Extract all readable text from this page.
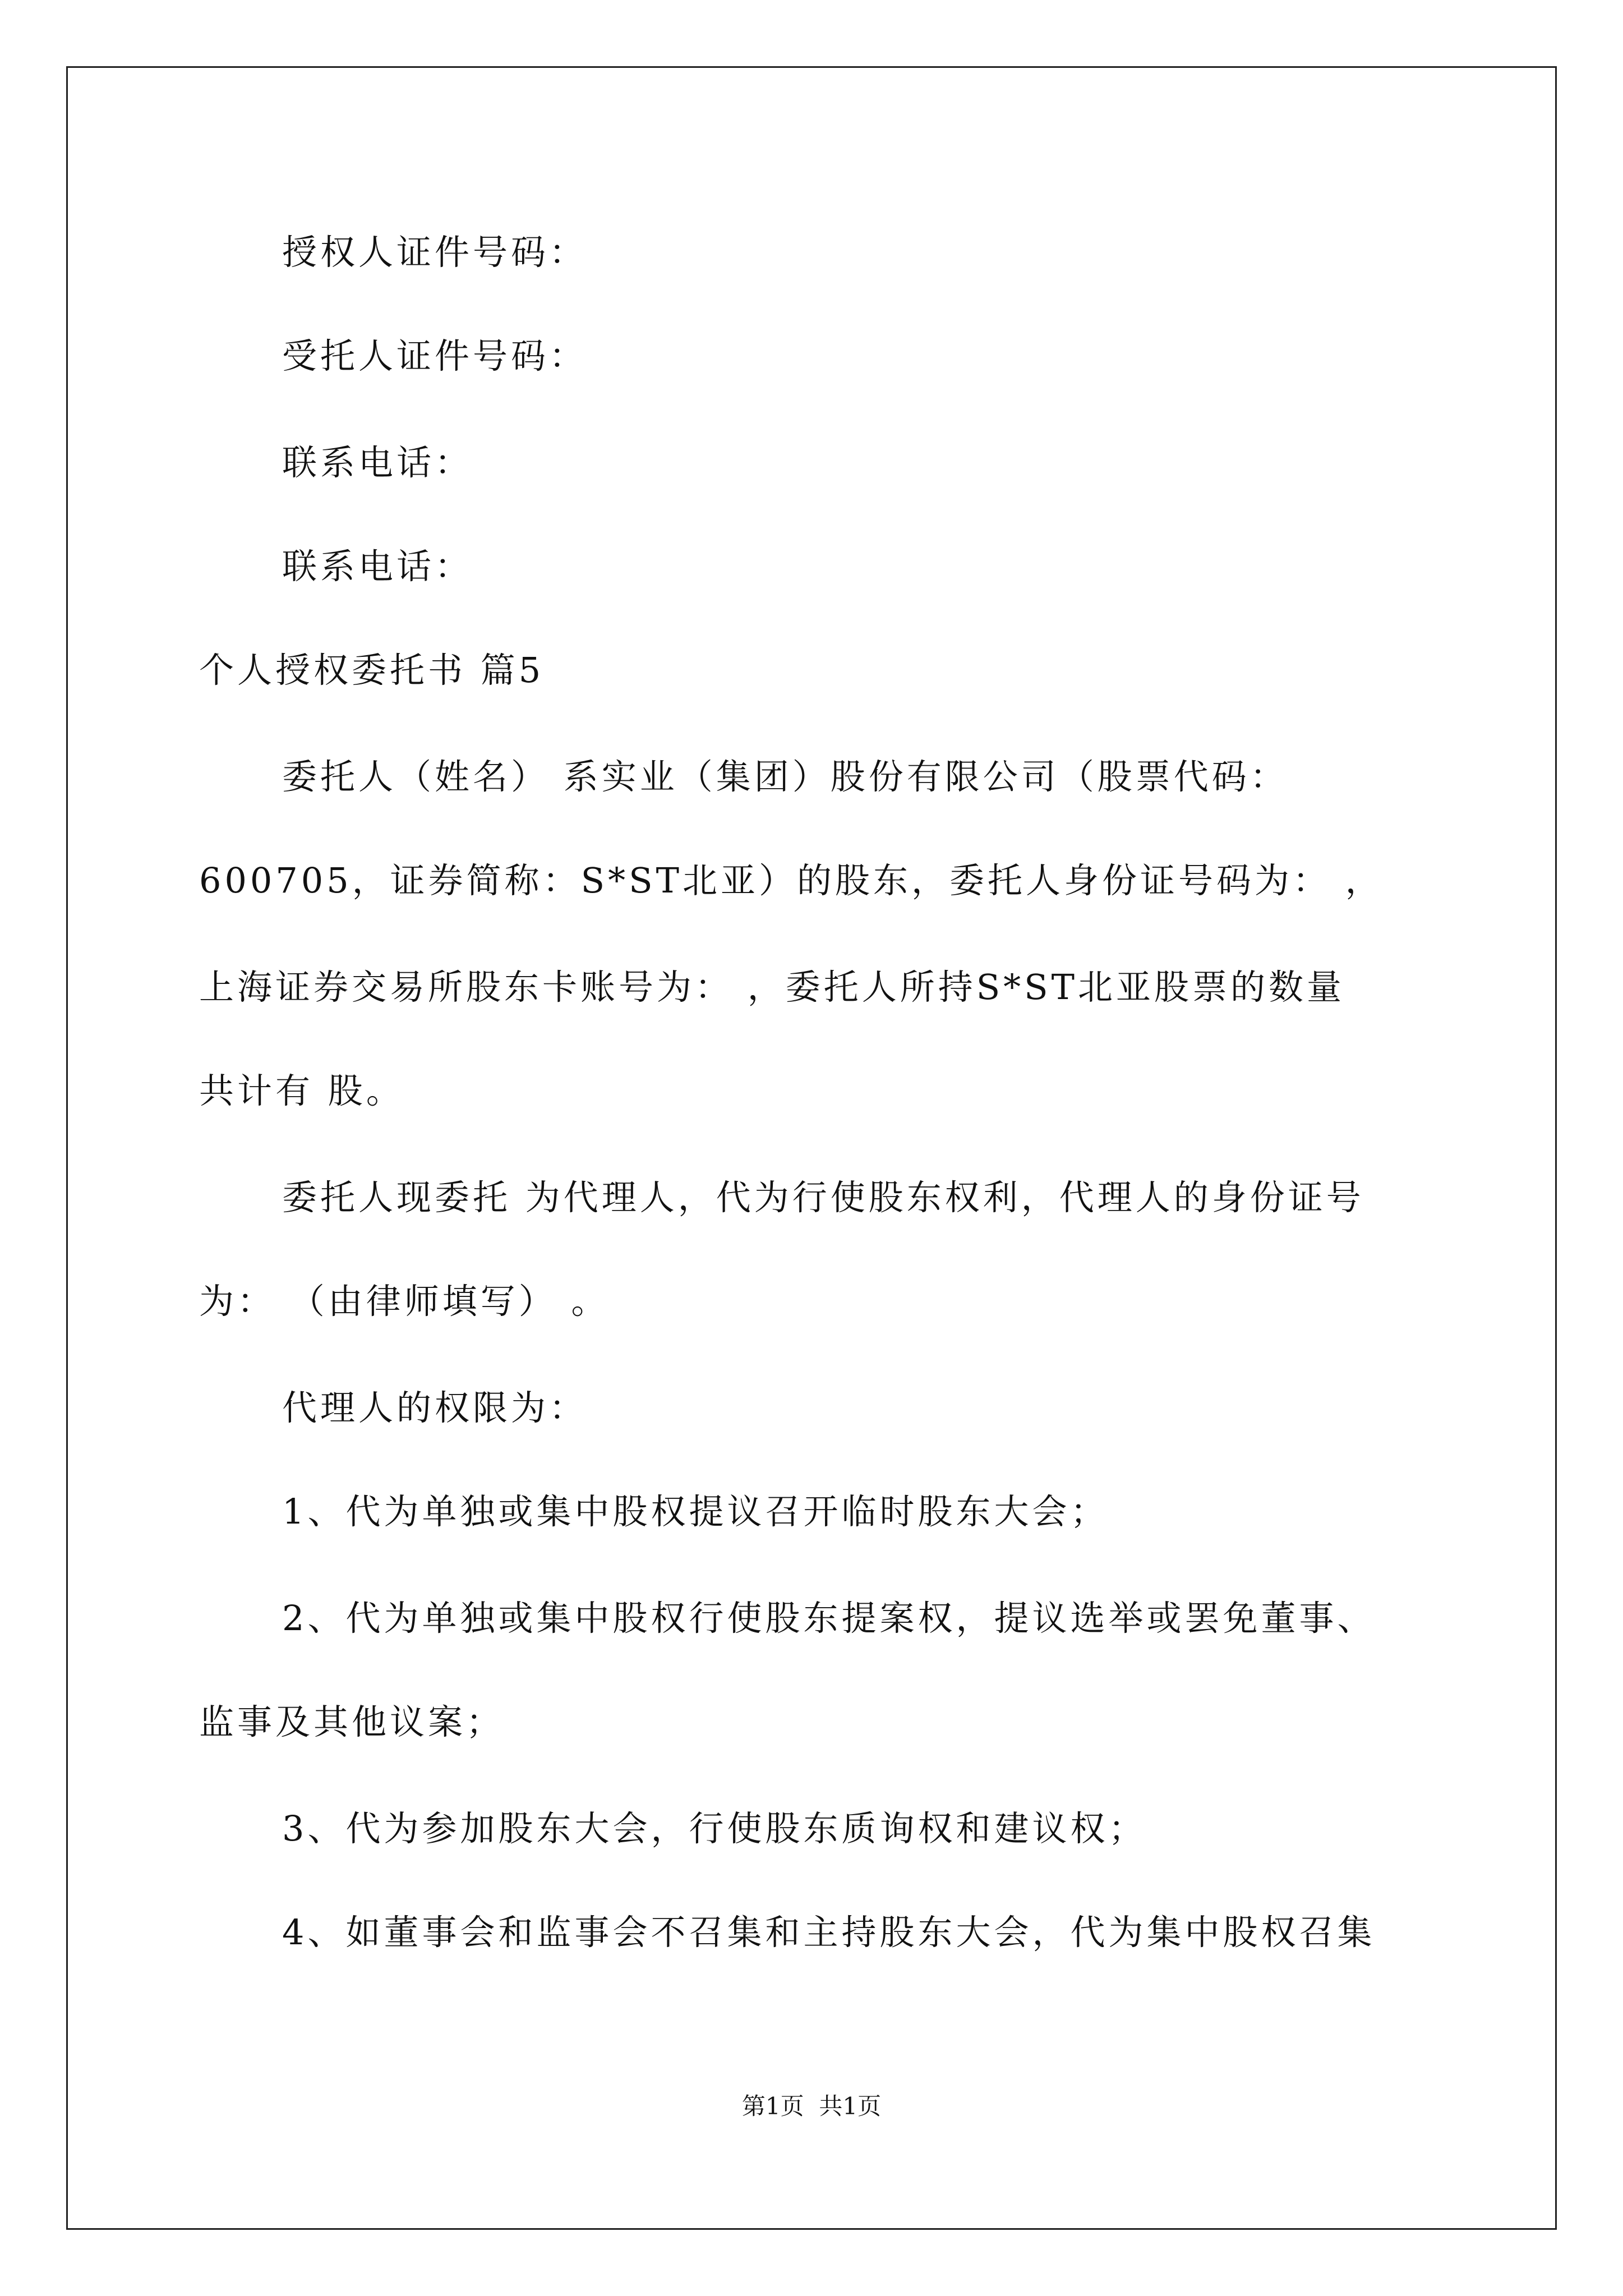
授权人证件号码：
受托人证件号码：
联系电话：
联系电话：
个人授权委托书 篇5
委托人（姓名） 系实业（集团）股份有限公司（股票代码：
600705，证券简称：S*ST北亚）的股东，委托人身份证号码为： ，
上海证券交易所股东卡账号为： ，委托人所持S*ST北亚股票的数量
共计有 股。
委托人现委托 为代理人，代为行使股东权利，代理人的身份证号
为： （由律师填写） 。
代理人的权限为：
1、代为单独或集中股权提议召开临时股东大会；
2、代为单独或集中股权行使股东提案权，提议选举或罢免董事、
监事及其他议案；
3、代为参加股东大会，行使股东质询权和建议权；
4、如董事会和监事会不召集和主持股东大会，代为集中股权召集
第1页  共1页
